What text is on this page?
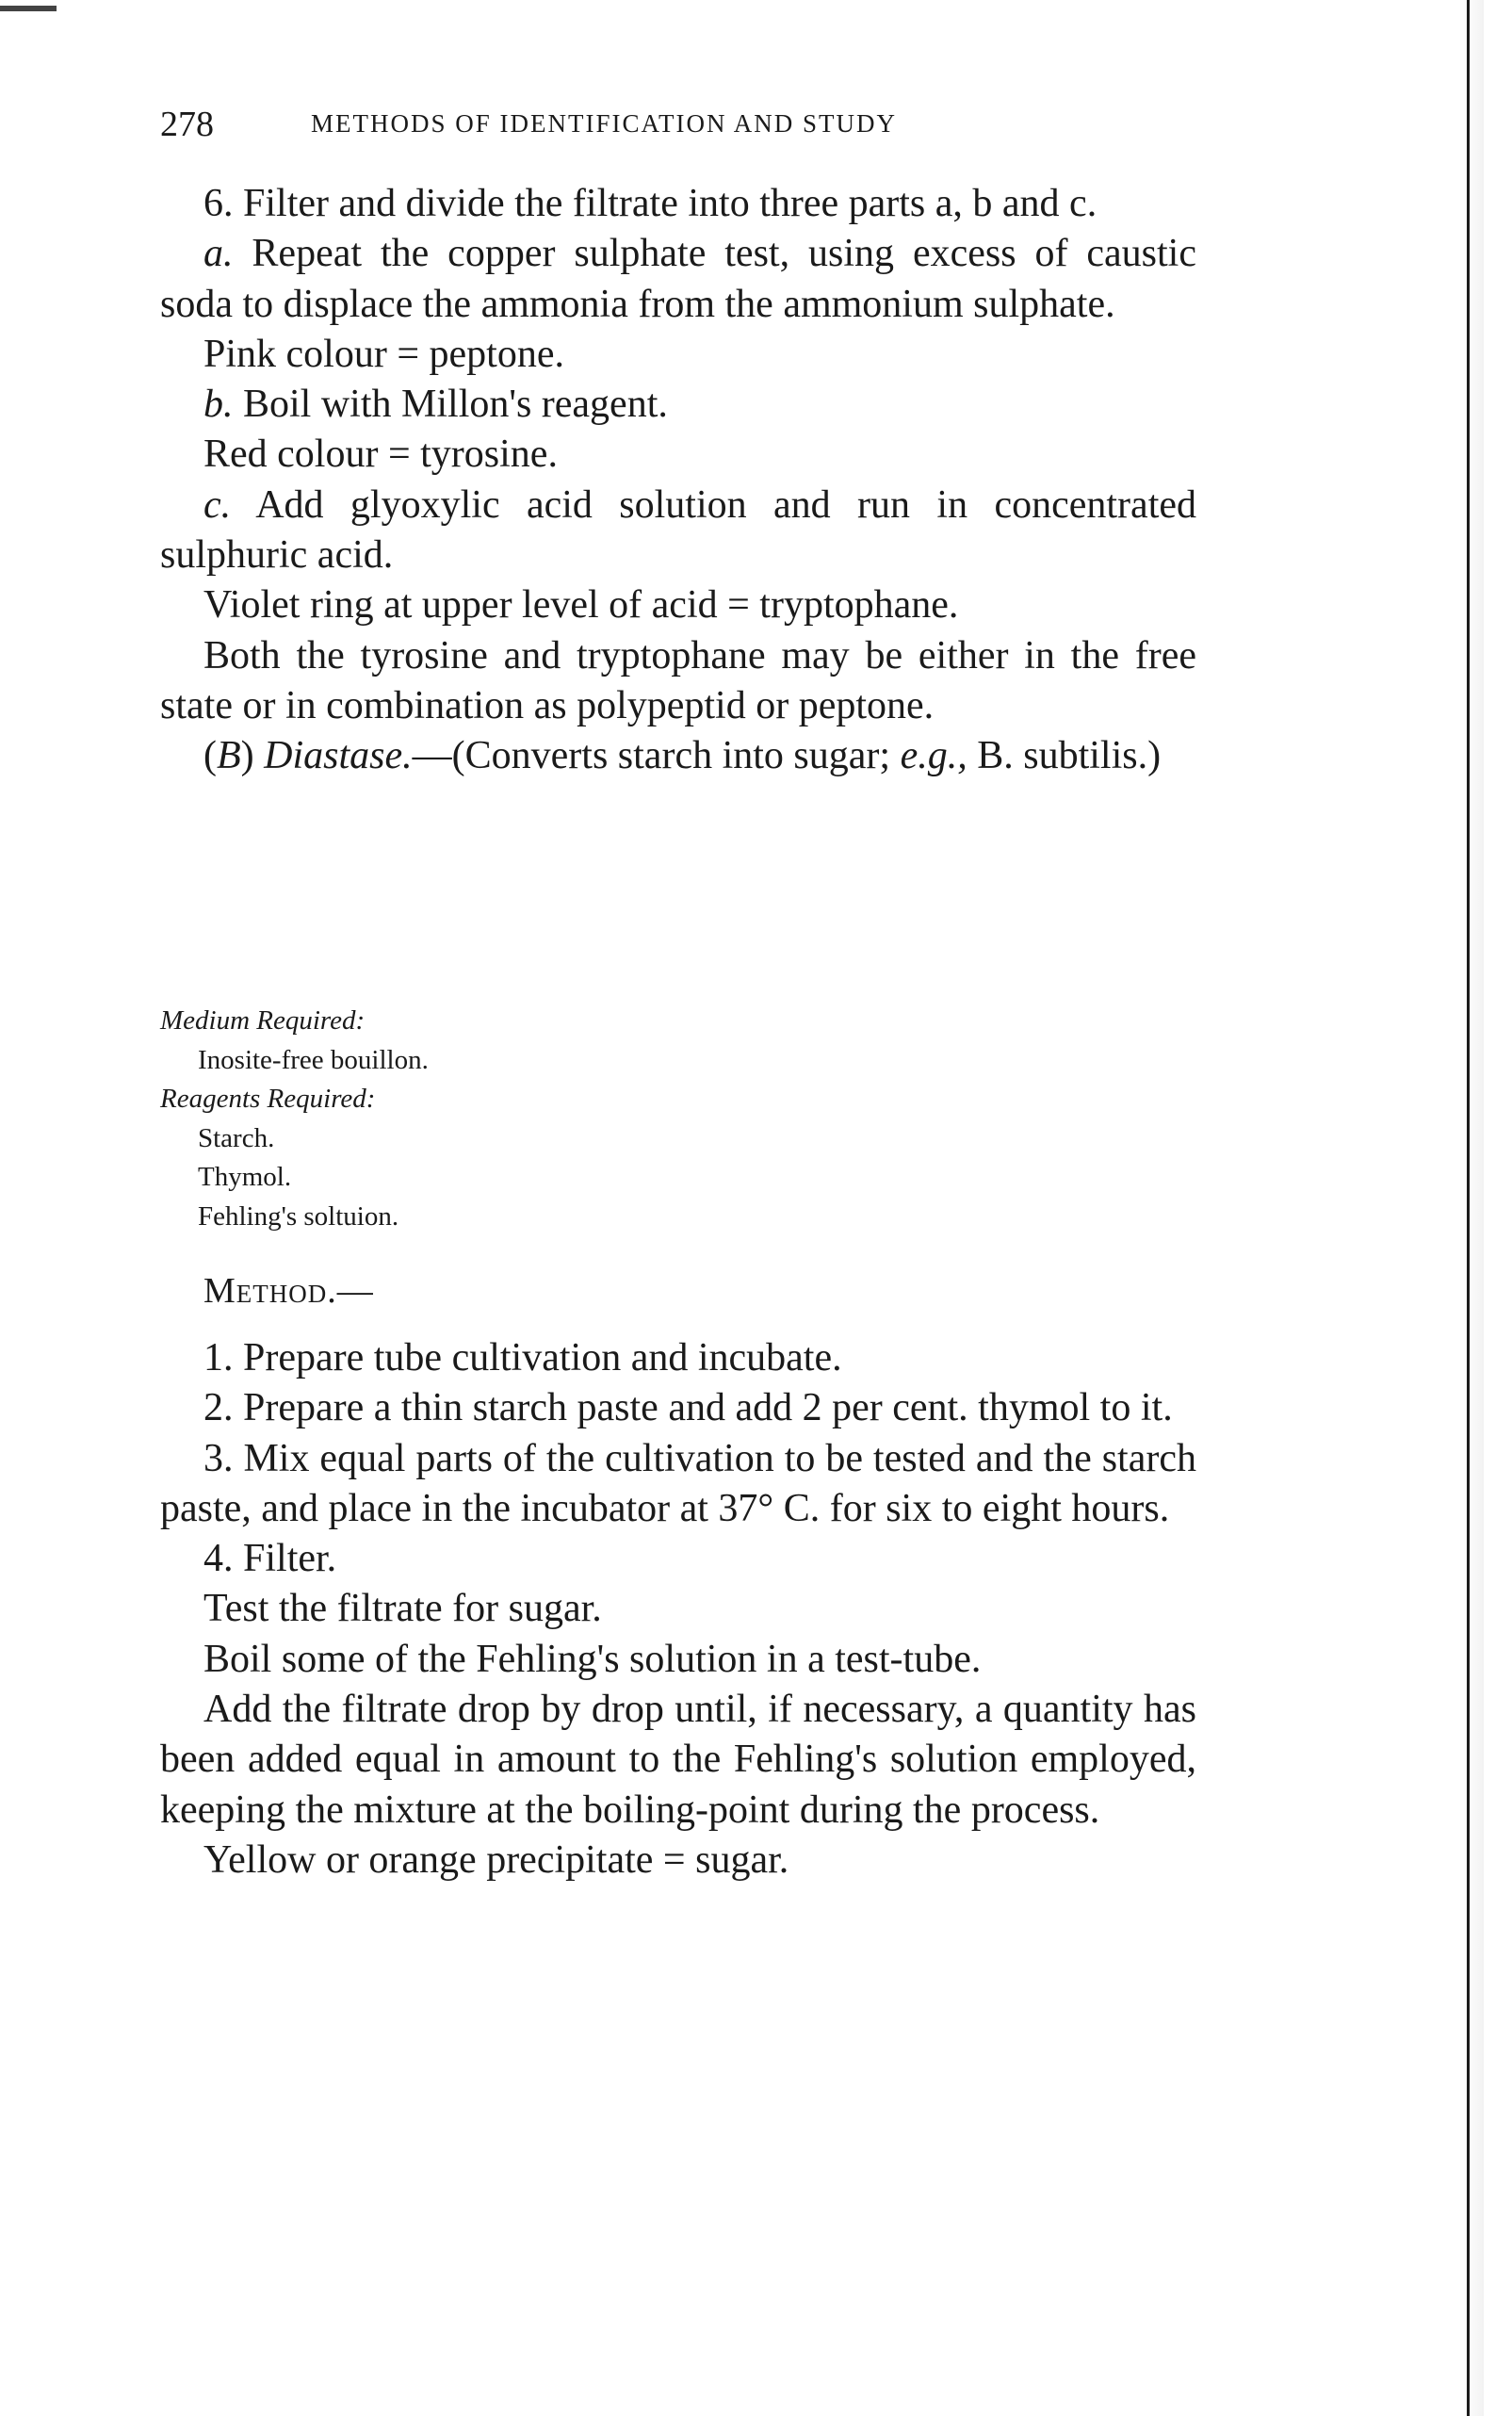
278	METHODS OF IDENTIFICATION AND STUDY

6. Filter and divide the filtrate into three parts a, b and c.

a. Repeat the copper sulphate test, using excess of caustic soda to displace the ammonia from the ammonium sulphate.

Pink colour = peptone.

b. Boil with Millon's reagent.

Red colour = tyrosine.

c. Add glyoxylic acid solution and run in concentrated sulphuric acid.

Violet ring at upper level of acid = tryptophane.

Both the tyrosine and tryptophane may be either in the free state or in combination as polypeptid or peptone.

(B) Diastase.—(Converts starch into sugar; e.g., B. subtilis.)

Medium Required:
Inosite-free bouillon.
Reagents Required:
Starch.
Thymol.
Fehling's soltuion.
Method.—

1. Prepare tube cultivation and incubate.

2. Prepare a thin starch paste and add 2 per cent. thymol to it.

3. Mix equal parts of the cultivation to be tested and the starch paste, and place in the incubator at 37° C. for six to eight hours.

4. Filter.

Test the filtrate for sugar.

Boil some of the Fehling's solution in a test-tube.

Add the filtrate drop by drop until, if necessary, a quantity has been added equal in amount to the Fehling's solution employed, keeping the mixture at the boiling-point during the process.

Yellow or orange precipitate = sugar.
